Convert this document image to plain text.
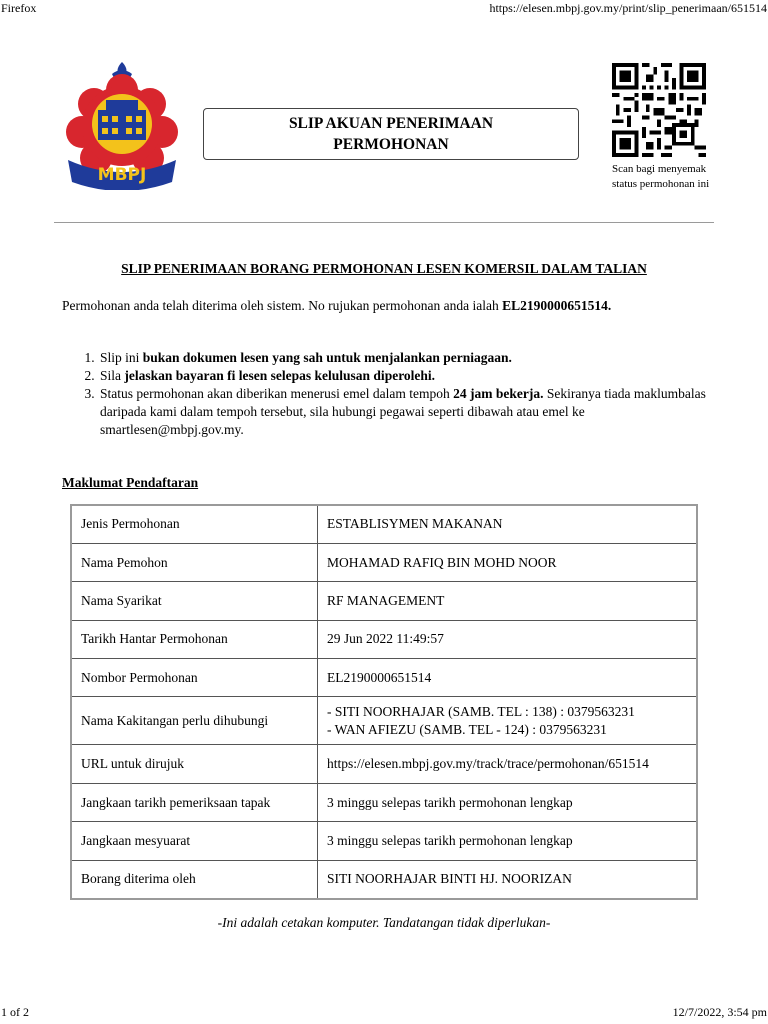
Firefox	https://elesen.mbpj.gov.my/print/slip_penerimaan/651514
MBPJ
SLIP AKUAN PENERIMAAN
PERMOHONAN
Scan bagi menyemak status permohonan ini
SLIP PENERIMAAN BORANG PERMOHONAN LESEN KOMERSIL DALAM TALIAN
Permohonan anda telah diterima oleh sistem. No rujukan permohonan anda ialah EL2190000651514.
1. Slip ini bukan dokumen lesen yang sah untuk menjalankan perniagaan.
2. Sila jelaskan bayaran fi lesen selepas kelulusan diperolehi.
3. Status permohonan akan diberikan menerusi emel dalam tempoh 24 jam bekerja. Sekiranya tiada maklumbalas daripada kami dalam tempoh tersebut, sila hubungi pegawai seperti dibawah atau emel ke smartlesen@mbpj.gov.my.
Maklumat Pendaftaran
Jenis Permohonan	ESTABLISYMEN MAKANAN
Nama Pemohon	MOHAMAD RAFIQ BIN MOHD NOOR
Nama Syarikat	RF MANAGEMENT
Tarikh Hantar Permohonan	29 Jun 2022 11:49:57
Nombor Permohonan	EL2190000651514
Nama Kakitangan perlu dihubungi	- SITI NOORHAJAR (SAMB. TEL : 138) : 0379563231
- WAN AFIEZU (SAMB. TEL - 124) : 0379563231

URL untuk dirujuk	https://elesen.mbpj.gov.my/track/trace/permohonan/651514
Jangkaan tarikh pemeriksaan tapak	3 minggu selepas tarikh permohonan lengkap
Jangkaan mesyuarat	3 minggu selepas tarikh permohonan lengkap
Borang diterima oleh	SITI NOORHAJAR BINTI HJ. NOORIZAN
-Ini adalah cetakan komputer. Tandatangan tidak diperlukan-
1 of 2	12/7/2022, 3:54 pm
